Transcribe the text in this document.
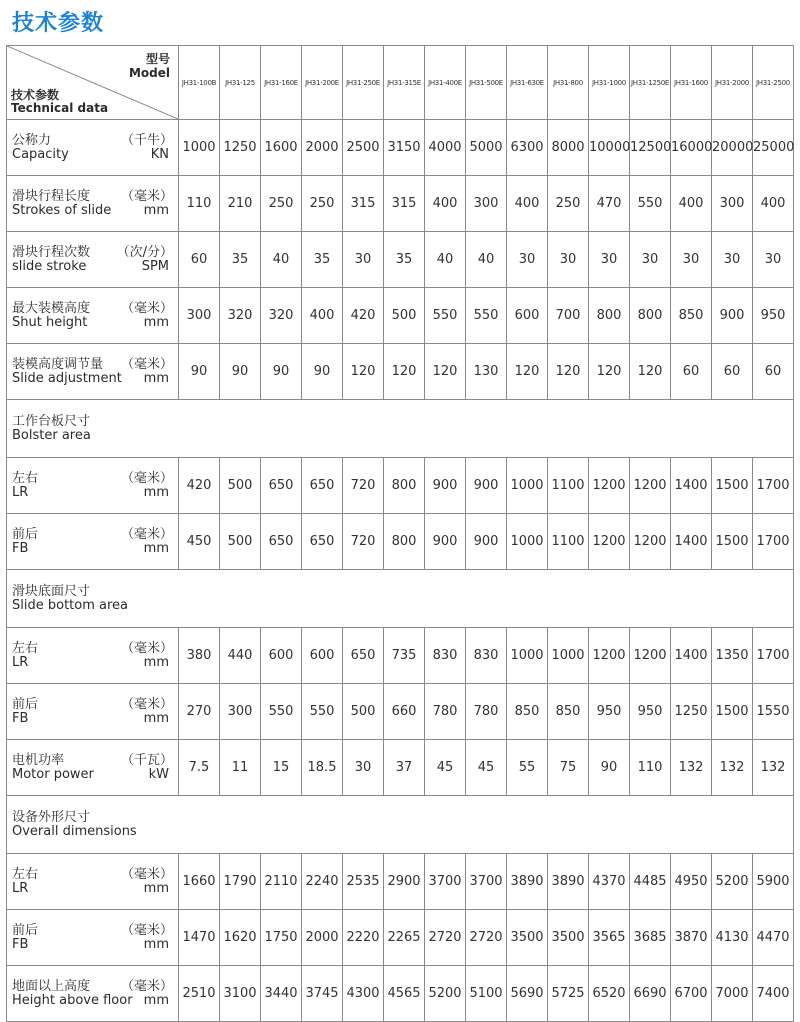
技术参数
型号
Model
技术参数
Technical data	JH31-100B	JH31-125	JH31-160E	JH31-200E	JH31-250E	JH31-315E	JH31-400E	JH31-500E	JH31-630E	JH31-800	JH31-1000	JH31-1250E	JH31-1600	JH31-2000	JH31-2500

公称力
Capacity
（千牛）
KN	1000	1250	1600	2000	2500	3150	4000	5000	6300	8000	10000	12500	16000	20000	25000

滑块行程长度
Strokes of slide
（毫米）
mm	110	210	250	250	315	315	400	300	400	250	470	550	400	300	400

滑块行程次数
slide stroke
（次/分）
SPM	60	35	40	35	30	35	40	40	30	30	30	30	30	30	30

最大装模高度
Shut height
（毫米）
mm	300	320	320	400	420	500	550	550	600	700	800	800	850	900	950

装模高度调节量
Slide adjustment
（毫米）
mm	90	90	90	90	120	120	120	130	120	120	120	120	60	60	60

工作台板尺寸
Bolster area															

左右
LR
（毫米）
mm	420	500	650	650	720	800	900	900	1000	1100	1200	1200	1400	1500	1700

前后
FB
（毫米）
mm	450	500	650	650	720	800	900	900	1000	1100	1200	1200	1400	1500	1700

滑块底面尺寸
Slide bottom area															

左右
LR
（毫米）
mm	380	440	600	600	650	735	830	830	1000	1000	1200	1200	1400	1350	1700

前后
FB
（毫米）
mm	270	300	550	550	500	660	780	780	850	850	950	950	1250	1500	1550

电机功率
Motor power
（千瓦）
kW	7.5	11	15	18.5	30	37	45	45	55	75	90	110	132	132	132

设备外形尺寸
Overall dimensions															

左右
LR
（毫米）
mm	1660	1790	2110	2240	2535	2900	3700	3700	3890	3890	4370	4485	4950	5200	5900

前后
FB
（毫米）
mm	1470	1620	1750	2000	2220	2265	2720	2720	3500	3500	3565	3685	3870	4130	4470

地面以上高度
Height above floor
（毫米）
mm	2510	3100	3440	3745	4300	4565	5200	5100	5690	5725	6520	6690	6700	7000	7400
